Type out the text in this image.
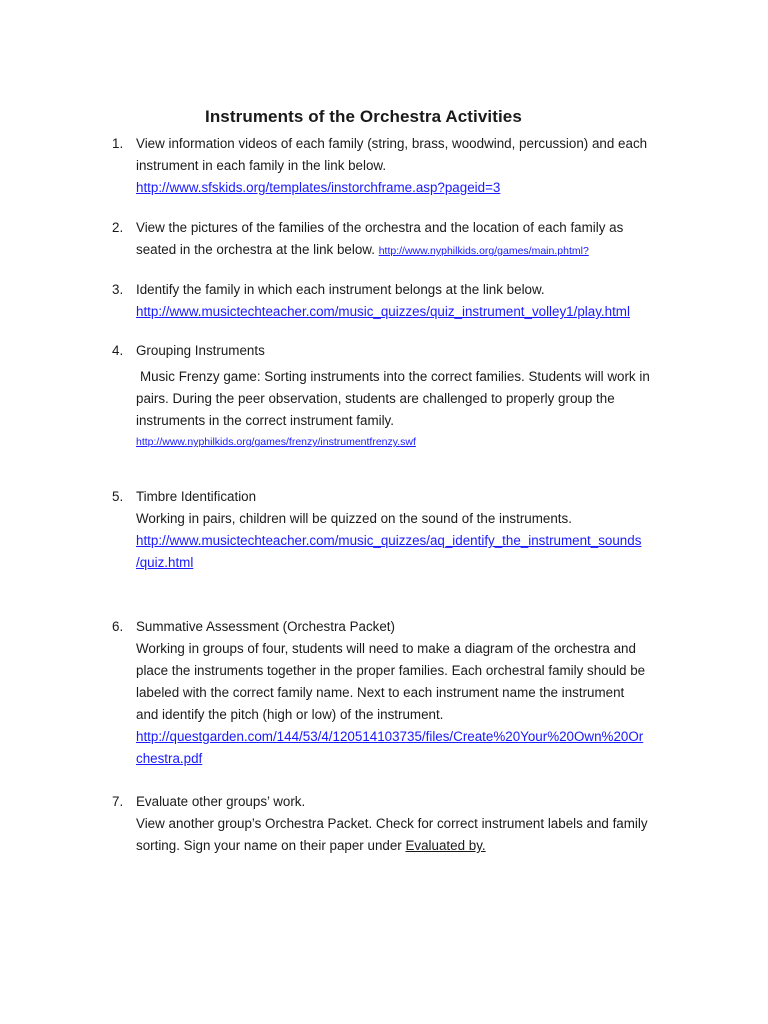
Instruments of the Orchestra Activities
1. View information videos of each family (string, brass, woodwind, percussion) and each
instrument in each family in the link below.
http://www.sfskids.org/templates/instorchframe.asp?pageid=3
2. View the pictures of the families of the orchestra and the location of each family as
seated in the orchestra at the link below. http://www.nyphilkids.org/games/main.phtml?
3. Identify the family in which each instrument belongs at the link below.
http://www.musictechteacher.com/music_quizzes/quiz_instrument_volley1/play.html
4. Grouping Instruments
Music Frenzy game: Sorting instruments into the correct families. Students will work in
pairs. During the peer observation, students are challenged to properly group the
instruments in the correct instrument family.
http://www.nyphilkids.org/games/frenzy/instrumentfrenzy.swf
5. Timbre Identification
Working in pairs, children will be quizzed on the sound of the instruments.
http://www.musictechteacher.com/music_quizzes/aq_identify_the_instrument_sounds
/quiz.html
6. Summative Assessment (Orchestra Packet)
Working in groups of four, students will need to make a diagram of the orchestra and
place the instruments together in the proper families. Each orchestral family should be
labeled with the correct family name. Next to each instrument name the instrument
and identify the pitch (high or low) of the instrument.
http://questgarden.com/144/53/4/120514103735/files/Create%20Your%20Own%20Or
chestra.pdf
7. Evaluate other groups’ work.
View another group’s Orchestra Packet. Check for correct instrument labels and family
sorting. Sign your name on their paper under Evaluated by.
